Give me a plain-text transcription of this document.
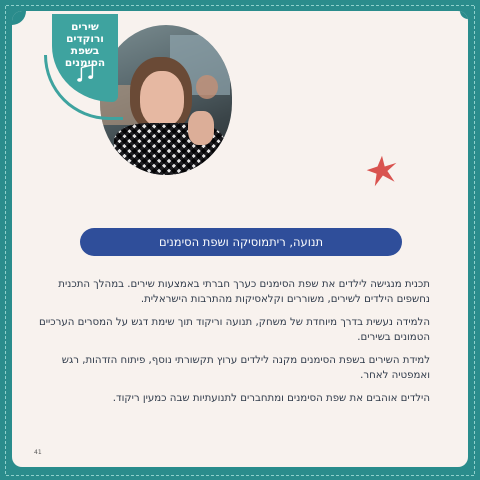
שירים ורוקדים בשפת הסימנים
תנועה, ריתמוסיקה ושפת הסימנים

תכנית מנגישה לילדים את שפת הסימנים כערך חברתי באמצעות שירים. במהלך התכנית נחשפים הילדים לשירים, משוררים וקלאסיקות מהתרבות הישראלית.

הלמידה נעשית בדרך מיוחדת של משחק, תנועה וריקוד תוך שימת דגש על המסרים הערכיים הטמונים בשירים.

למידת השירים בשפת הסימנים מקנה לילדים ערוץ תקשורתי נוסף, פיתוח הזדהות, רגש ואמפטיה לאחר.

הילדים אוהבים את שפת הסימנים ומתחברים לתנועתיות שבה כמעין ריקוד.

41
